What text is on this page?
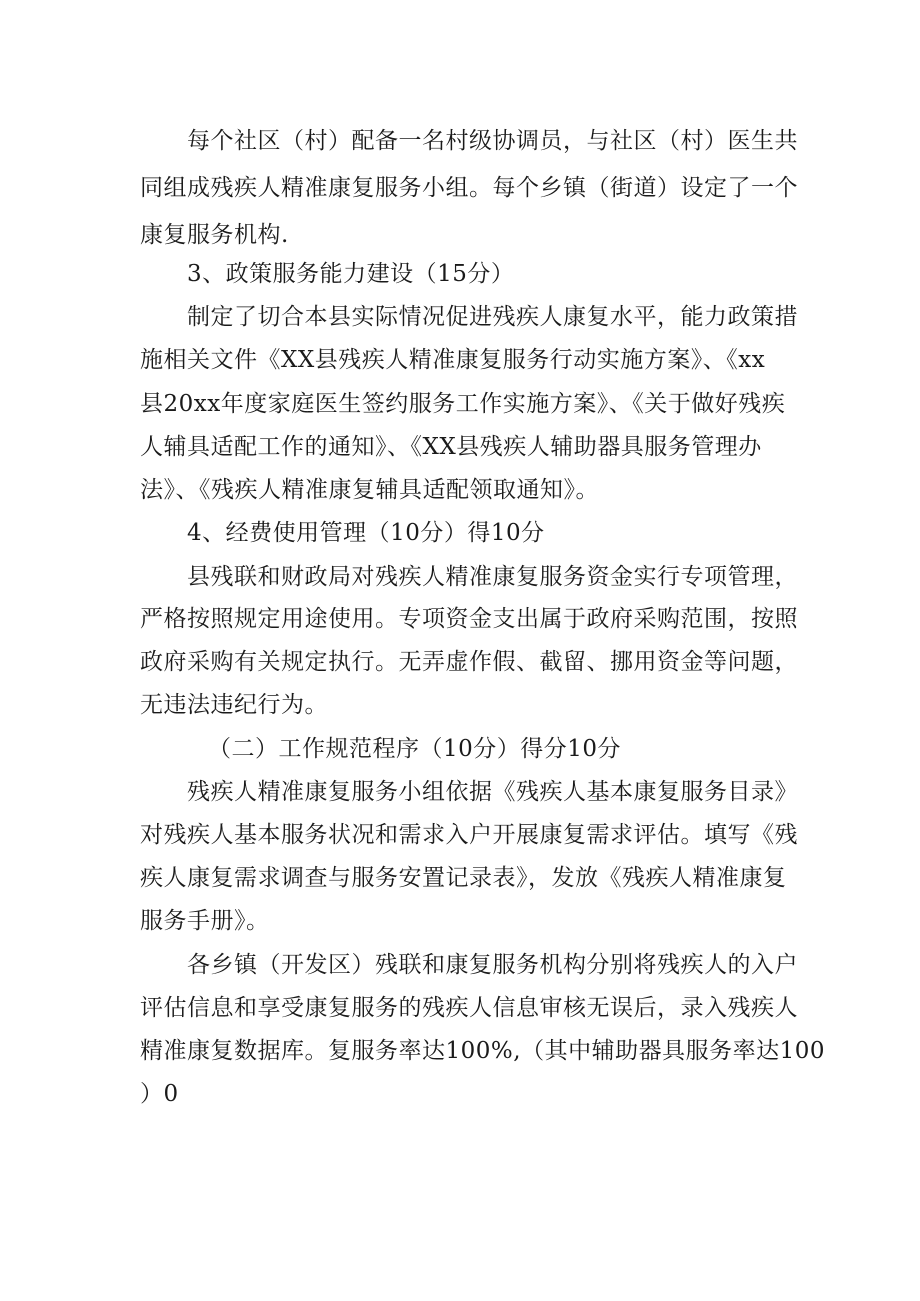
每个社区（村）配备一名村级协调员，与社区（村）医生共
同组成残疾人精准康复服务小组。每个乡镇（街道）设定了一个
康复服务机构.
3、政策服务能力建设（15分）
制定了切合本县实际情况促进残疾人康复水平，能力政策措
施相关文件《XX县残疾人精准康复服务行动实施方案》、《xx
县20xx年度家庭医生签约服务工作实施方案》、《关于做好残疾
人辅具适配工作的通知》、《XX县残疾人辅助器具服务管理办
法》、《残疾人精准康复辅具适配领取通知》。
4、经费使用管理（10分）得10分
县残联和财政局对残疾人精准康复服务资金实行专项管理，
严格按照规定用途使用。专项资金支出属于政府采购范围，按照
政府采购有关规定执行。无弄虚作假、截留、挪用资金等问题，
无违法违纪行为。
（二）工作规范程序（10分）得分10分
残疾人精准康复服务小组依据《残疾人基本康复服务目录》
对残疾人基本服务状况和需求入户开展康复需求评估。填写《残
疾人康复需求调查与服务安置记录表》，发放《残疾人精准康复
服务手册》。
各乡镇（开发区）残联和康复服务机构分别将残疾人的入户
评估信息和享受康复服务的残疾人信息审核无误后，录入残疾人
精准康复数据库。复服务率达100%,（其中辅助器具服务率达100
）0
